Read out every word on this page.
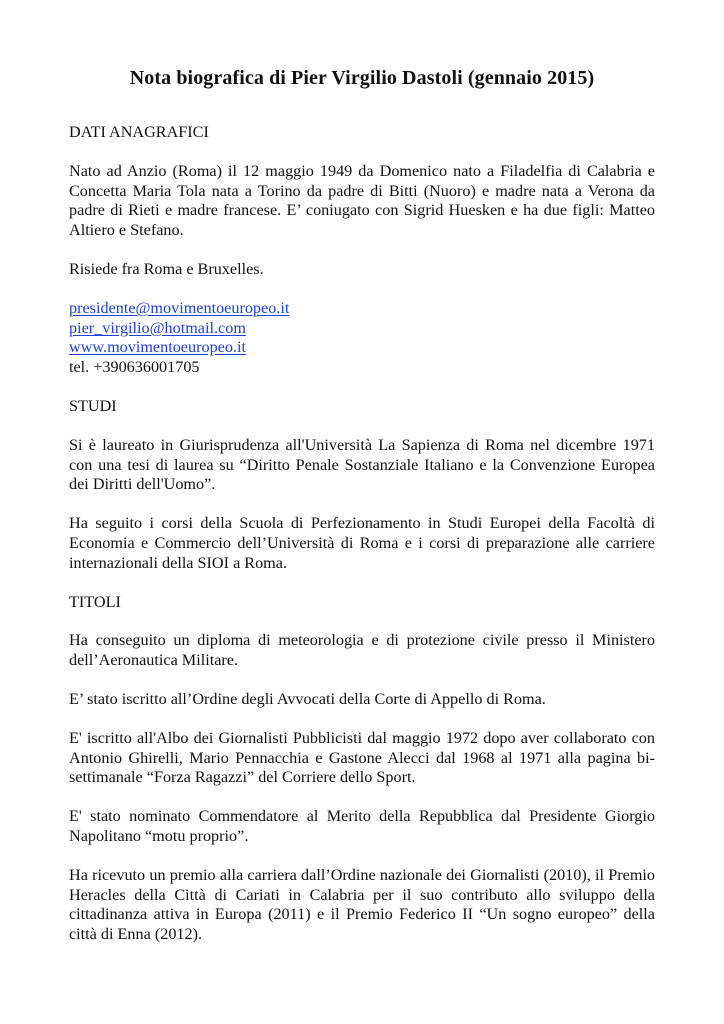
Nota biografica di Pier Virgilio Dastoli (gennaio 2015)
DATI ANAGRAFICI

Nato ad Anzio (Roma) il 12 maggio 1949 da Domenico nato a Filadelfia di Calabria e Concetta Maria Tola nata a Torino da padre di Bitti (Nuoro) e madre nata a Verona da padre di Rieti e madre francese. E’ coniugato con Sigrid Huesken e ha due figli: Matteo Altiero e Stefano.

Risiede fra Roma e Bruxelles.

presidente@movimentoeuropeo.it
pier_virgilio@hotmail.com
www.movimentoeuropeo.it
tel. +390636001705
STUDI

Si è laureato in Giurisprudenza all'Università La Sapienza di Roma nel dicembre 1971 con una tesi di laurea su “Diritto Penale Sostanziale Italiano e la Convenzione Europea dei Diritti dell'Uomo”.

Ha seguito i corsi della Scuola di Perfezionamento in Studi Europei della Facoltà di Economia e Commercio dell’Università di Roma e i corsi di preparazione alle carriere internazionali della SIOI a Roma.

TITOLI

Ha conseguito un diploma di meteorologia e di protezione civile presso il Ministero dell’Aeronautica Militare.

E’ stato iscritto all’Ordine degli Avvocati della Corte di Appello di Roma.

E' iscritto all'Albo dei Giornalisti Pubblicisti dal maggio 1972 dopo aver collaborato con Antonio Ghirelli, Mario Pennacchia e Gastone Alecci dal 1968 al 1971 alla pagina bi-settimanale “Forza Ragazzi” del Corriere dello Sport.

E' stato nominato Commendatore al Merito della Repubblica dal Presidente Giorgio Napolitano “motu proprio”.

Ha ricevuto un premio alla carriera dall’Ordine nazionale dei Giornalisti (2010), il Premio Heracles della Città di Cariati in Calabria per il suo contributo allo sviluppo della cittadinanza attiva in Europa (2011) e il Premio Federico II “Un sogno europeo” della città di Enna (2012).
